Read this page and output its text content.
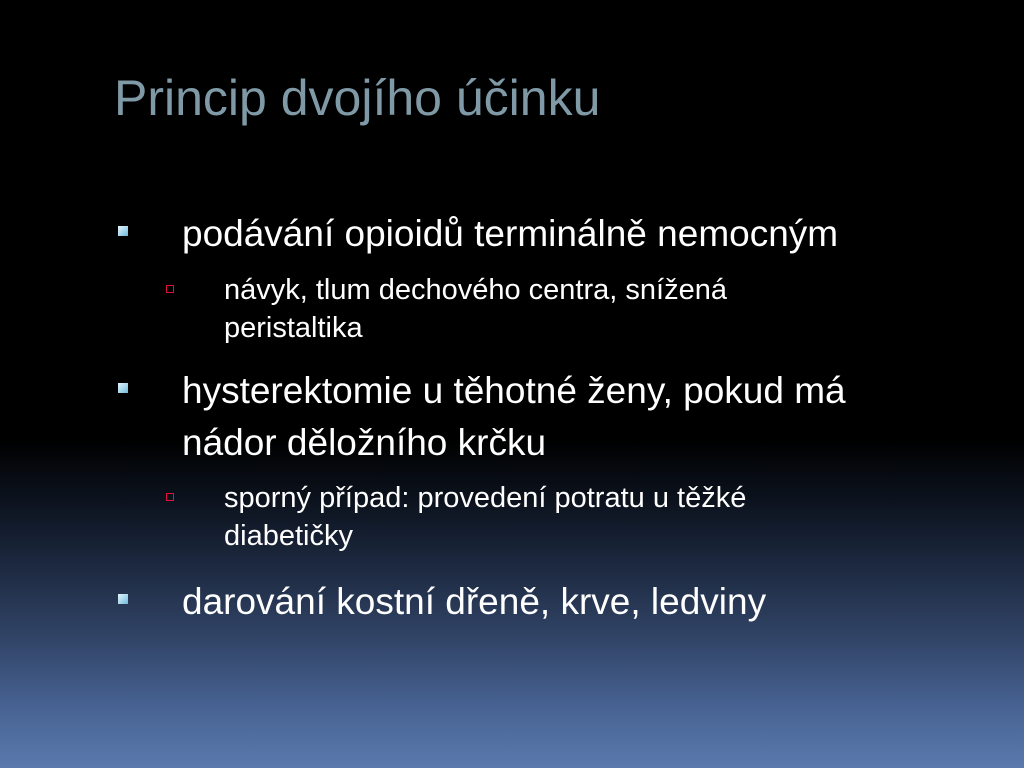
Princip dvojího účinku
podávání opioidů terminálně nemocným
návyk, tlum dechového centra, snížená
peristaltika
hysterektomie u těhotné ženy, pokud má
nádor děložního krčku
sporný případ: provedení potratu u těžké
diabetičky
darování kostní dřeně, krve, ledviny
